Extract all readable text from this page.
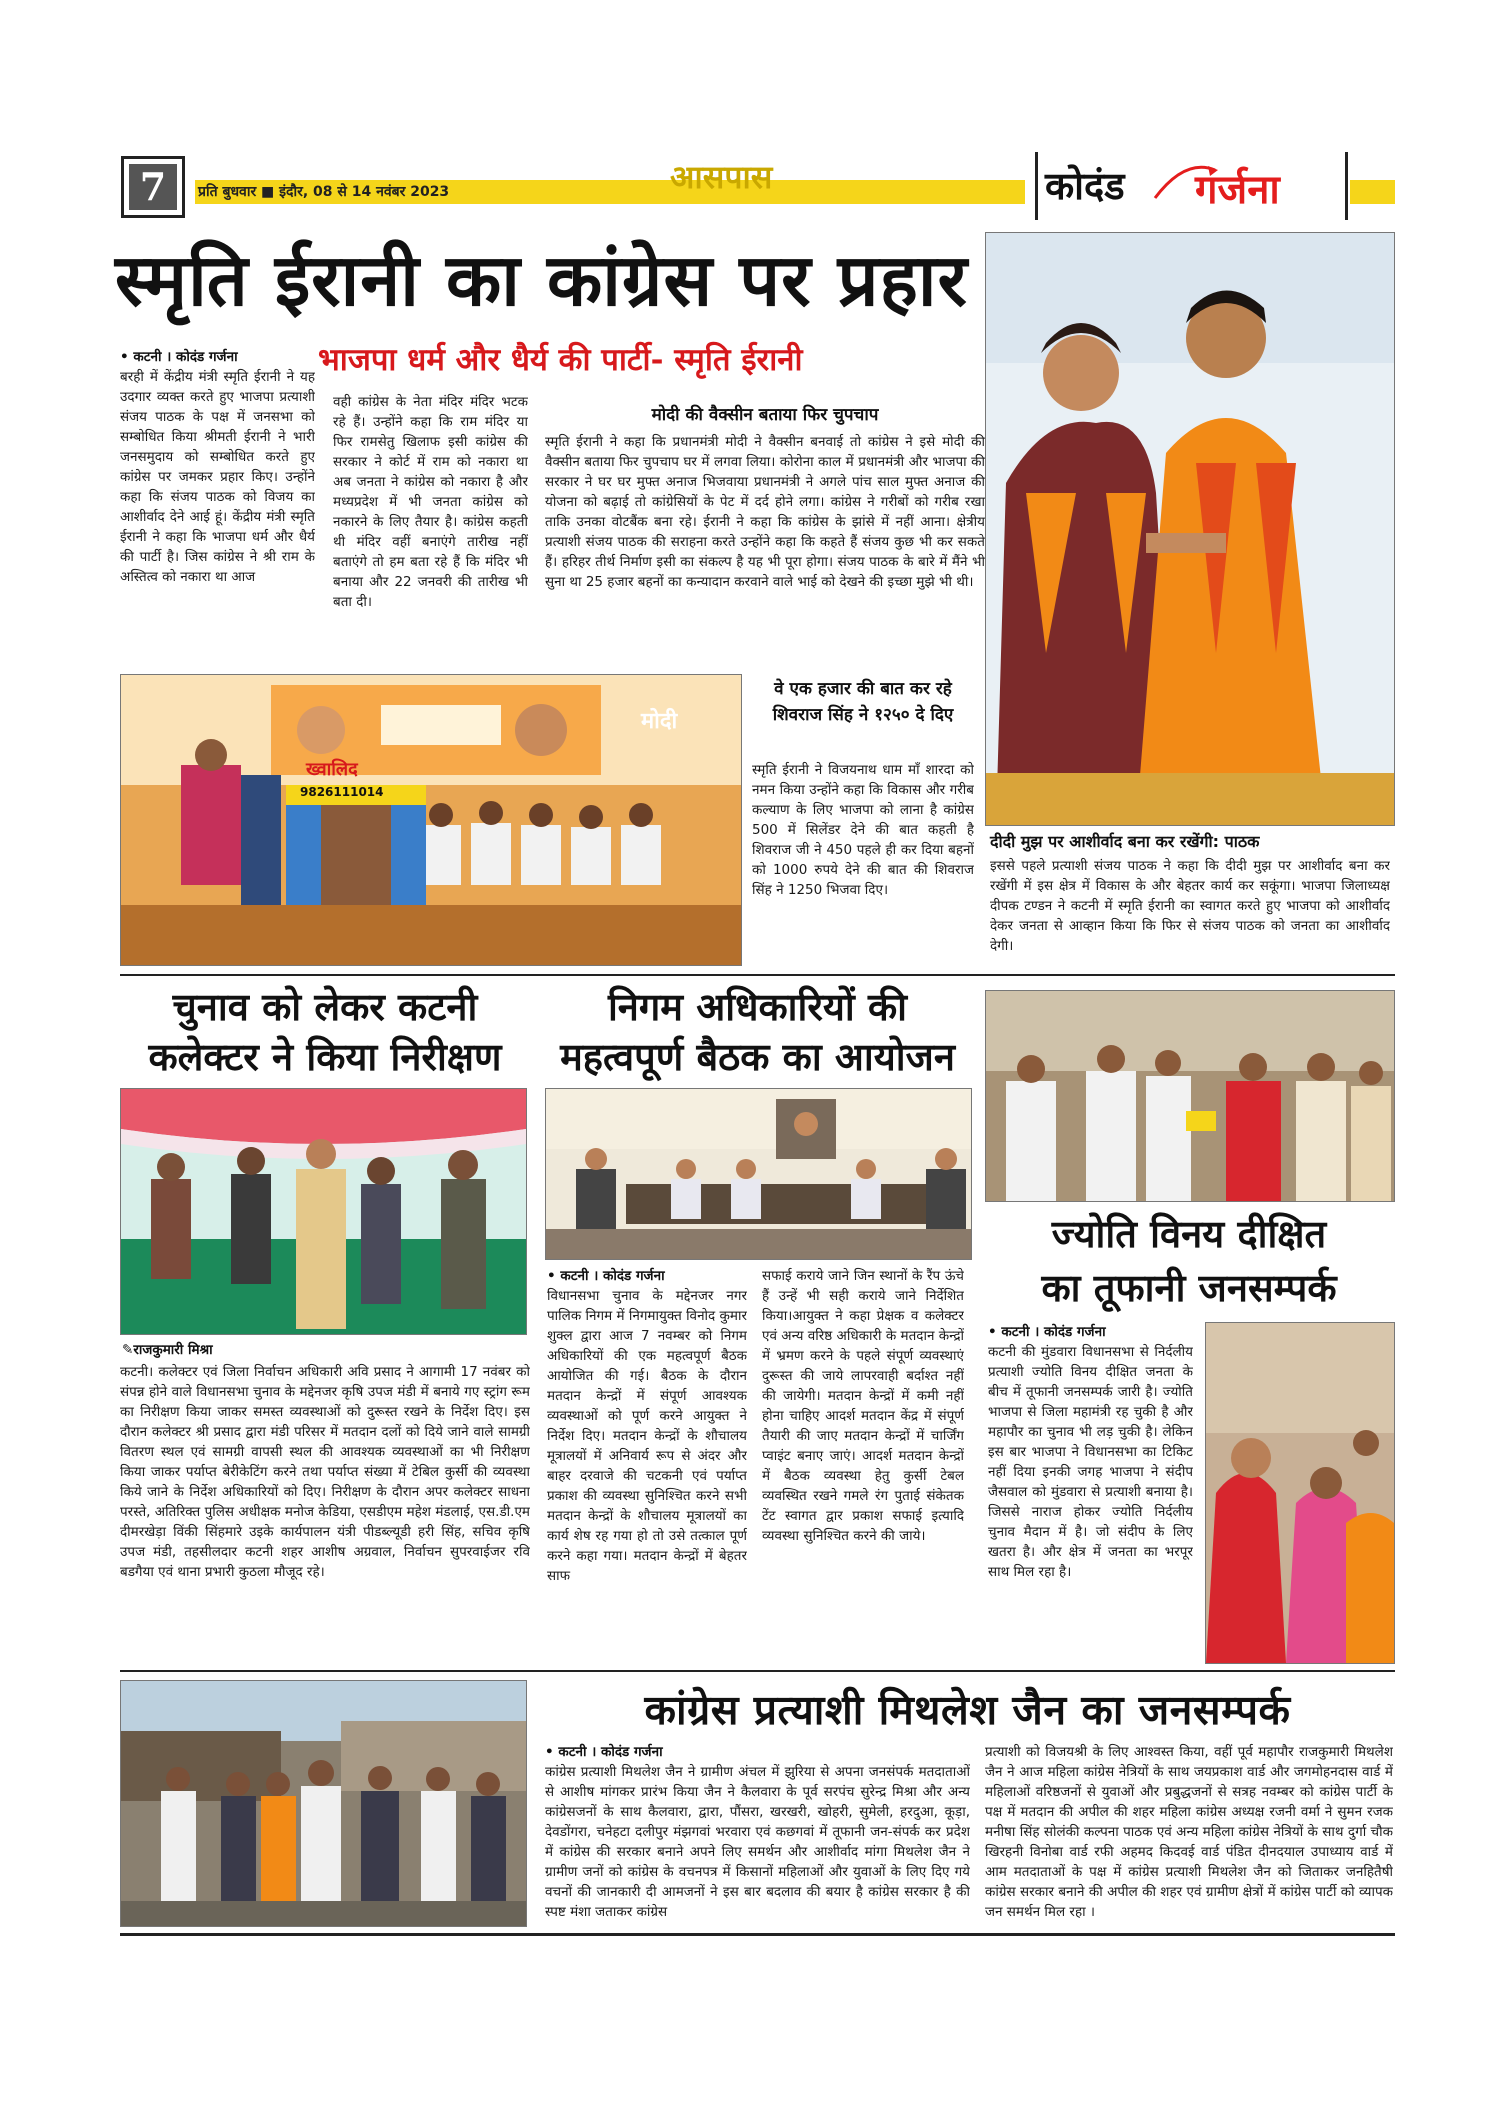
7	प्रति बुधवार ■ इंदौर, 08 से 14 नवंबर 2023	आसपास	कोदंड गर्जना
स्मृति ईरानी का कांग्रेस पर प्रहार
भाजपा धर्म और धैर्य की पार्टी- स्मृति ईरानी
• कटनी । कोदंड गर्जना
बरही में केंद्रीय मंत्री स्मृति ईरानी ने यह उदगार व्यक्त करते हुए भाजपा प्रत्याशी संजय पाठक के पक्ष में जनसभा को सम्बोधित किया श्रीमती ईरानी ने भारी जनसमुदाय को सम्बोधित करते हुए कांग्रेस पर जमकर प्रहार किए। उन्होंने कहा कि संजय पाठक को विजय का आशीर्वाद देने आई हूं। केंद्रीय मंत्री स्मृति ईरानी ने कहा कि भाजपा धर्म और धैर्य की पार्टी है। जिस कांग्रेस ने श्री राम के अस्तित्व को नकारा था आज
वही कांग्रेस के नेता मंदिर मंदिर भटक रहे हैं। उन्होंने कहा कि राम मंदिर या फिर रामसेतु खिलाफ इसी कांग्रेस की सरकार ने कोर्ट में राम को नकारा था अब जनता ने कांग्रेस को नकारा है और मध्यप्रदेश में भी जनता कांग्रेस को नकारने के लिए तैयार है। कांग्रेस कहती थी मंदिर वहीं बनाएंगे तारीख नहीं बताएंगे तो हम बता रहे हैं कि मंदिर भी बनाया और 22 जनवरी की तारीख भी बता दी।
मोदी की वैक्सीन बताया फिर चुपचाप
स्मृति ईरानी ने कहा कि प्रधानमंत्री मोदी ने वैक्सीन बनवाई तो कांग्रेस ने इसे मोदी की वैक्सीन बताया फिर चुपचाप घर में लगवा लिया। कोरोना काल में प्रधानमंत्री और भाजपा की सरकार ने घर घर मुफ्त अनाज भिजवाया प्रधानमंत्री ने अगले पांच साल मुफ्त अनाज की योजना को बढ़ाई तो कांग्रेसियों के पेट में दर्द होने लगा। कांग्रेस ने गरीबों को गरीब रखा ताकि उनका वोटबैंक बना रहे। ईरानी ने कहा कि कांग्रेस के झांसे में नहीं आना। क्षेत्रीय प्रत्याशी संजय पाठक की सराहना करते उन्होंने कहा कि कहते हैं संजय कुछ भी कर सकते हैं। हरिहर तीर्थ निर्माण इसी का संकल्प है यह भी पूरा होगा। संजय पाठक के बारे में मैंने भी सुना था 25 हजार बहनों का कन्यादान करवाने वाले भाई को देखने की इच्छा मुझे भी थी।
ख्वालिद
9826111014
मोदी
वे एक हजार की बात कर रहे शिवराज सिंह ने १२५० दे दिए
स्मृति ईरानी ने विजयनाथ धाम माँ शारदा को नमन किया उन्होंने कहा कि विकास और गरीब कल्याण के लिए भाजपा को लाना है कांग्रेस 500 में सिलेंडर देने की बात कहती है शिवराज जी ने 450 पहले ही कर दिया बहनों को 1000 रुपये देने की बात की शिवराज सिंह ने 1250 भिजवा दिए।
दीदी मुझ पर आशीर्वाद बना कर रखेंगी: पाठक
इससे पहले प्रत्याशी संजय पाठक ने कहा कि दीदी मुझ पर आशीर्वाद बना कर रखेंगी में इस क्षेत्र में विकास के और बेहतर कार्य कर सकूंगा। भाजपा जिलाध्यक्ष दीपक टण्डन ने कटनी में स्मृति ईरानी का स्वागत करते हुए भाजपा को आशीर्वाद देकर जनता से आव्हान किया कि फिर से संजय पाठक को जनता का आशीर्वाद देगी।
चुनाव को लेकर कटनी
कलेक्टर ने किया निरीक्षण
✎राजकुमारी मिश्रा
कटनी। कलेक्टर एवं जिला निर्वाचन अधिकारी अवि प्रसाद ने आगामी 17 नवंबर को संपन्न होने वाले विधानसभा चुनाव के मद्देनजर कृषि उपज मंडी में बनाये गए स्ट्रांग रूम का निरीक्षण किया जाकर समस्त व्यवस्थाओं को दुरूस्त रखने के निर्देश दिए। इस दौरान कलेक्टर श्री प्रसाद द्वारा मंडी परिसर में मतदान दलों को दिये जाने वाले सामग्री वितरण स्थल एवं सामग्री वापसी स्थल की आवश्यक व्यवस्थाओं का भी निरीक्षण किया जाकर पर्याप्त बेरीकेटिंग करने तथा पर्याप्त संख्या में टेबिल कुर्सी की व्यवस्था किये जाने के निर्देश अधिकारियों को दिए। निरीक्षण के दौरान अपर कलेक्टर साधना परस्ते, अतिरिक्त पुलिस अधीक्षक मनोज केडिया, एसडीएम महेश मंडलाई, एस.डी.एम दीमरखेड़ा विंकी सिंहमारे उइके कार्यपालन यंत्री पीडब्ल्यूडी हरी सिंह, सचिव कृषि उपज मंडी, तहसीलदार कटनी शहर आशीष अग्रवाल, निर्वाचन सुपरवाईजर रवि बडगैया एवं थाना प्रभारी कुठला मौजूद रहे।
निगम अधिकारियों की
महत्वपूर्ण बैठक का आयोजन
• कटनी । कोदंड गर्जना
विधानसभा चुनाव के मद्देनजर नगर पालिक निगम में निगमायुक्त विनोद कुमार शुक्ल द्वारा आज 7 नवम्बर को निगम अधिकारियों की एक महत्वपूर्ण बैठक आयोजित की गई। बैठक के दौरान मतदान केन्द्रों में संपूर्ण आवश्यक व्यवस्थाओं को पूर्ण करने आयुक्त ने निर्देश दिए। मतदान केन्द्रों के शौचालय मूत्रालयों में अनिवार्य रूप से अंदर और बाहर दरवाजे की चटकनी एवं पर्याप्त प्रकाश की व्यवस्था सुनिश्चित करने सभी मतदान केन्द्रों के शौचालय मूत्रालयों का कार्य शेष रह गया हो तो उसे तत्काल पूर्ण करने कहा गया। मतदान केन्द्रों में बेहतर साफ
सफाई कराये जाने जिन स्थानों के रैंप ऊंचे हैं उन्हें भी सही कराये जाने निर्देशित किया।आयुक्त ने कहा प्रेक्षक व कलेक्टर एवं अन्य वरिष्ठ अधिकारी के मतदान केन्द्रों में भ्रमण करने के पहले संपूर्ण व्यवस्थाएं दुरूस्त की जाये लापरवाही बर्दाश्त नहीं की जायेगी। मतदान केन्द्रों में कमी नहीं होना चाहिए आदर्श मतदान केंद्र में संपूर्ण तैयारी की जाए मतदान केन्द्रों में चार्जिंग प्वाइंट बनाए जाएं। आदर्श मतदान केन्द्रों में बैठक व्यवस्था हेतु कुर्सी टेबल व्यवस्थित रखने गमले रंग पुताई संकेतक टेंट स्वागत द्वार प्रकाश सफाई इत्यादि व्यवस्था सुनिश्चित करने की जाये।
ज्योति विनय दीक्षित
का तूफानी जनसम्पर्क
• कटनी । कोदंड गर्जना
कटनी की मुंडवारा विधानसभा से निर्दलीय प्रत्याशी ज्योति विनय दीक्षित जनता के बीच में तूफानी जनसम्पर्क जारी है। ज्योति भाजपा से जिला महामंत्री रह चुकी है और महापौर का चुनाव भी लड़ चुकी है। लेकिन इस बार भाजपा ने विधानसभा का टिकिट नहीं दिया इनकी जगह भाजपा ने संदीप जैसवाल को मुंडवारा से प्रत्याशी बनाया है। जिससे नाराज होकर ज्योति निर्दलीय चुनाव मैदान में है। जो संदीप के लिए खतरा है। और क्षेत्र में जनता का भरपूर साथ मिल रहा है।
कांग्रेस प्रत्याशी मिथलेश जैन का जनसम्पर्क
• कटनी । कोदंड गर्जना
कांग्रेस प्रत्याशी मिथलेश जैन ने ग्रामीण अंचल में झुरिया से अपना जनसंपर्क मतदाताओं से आशीष मांगकर प्रारंभ किया जैन ने कैलवारा के पूर्व सरपंच सुरेन्द्र मिश्रा और अन्य कांग्रेसजनों के साथ कैलवारा, द्वारा, पौंसरा, खरखरी, खोहरी, सुमेली, हरदुआ, कूड़ा, देवडोंगरा, चनेहटा दलीपुर मंझगवां भरवारा एवं कछगवां में तूफानी जन-संपर्क कर प्रदेश में कांग्रेस की सरकार बनाने अपने लिए समर्थन और आशीर्वाद मांगा मिथलेश जैन ने ग्रामीण जनों को कांग्रेस के वचनपत्र में किसानों महिलाओं और युवाओं के लिए दिए गये वचनों की जानकारी दी आमजनों ने इस बार बदलाव की बयार है कांग्रेस सरकार है की स्पष्ट मंशा जताकर कांग्रेस
प्रत्याशी को विजयश्री के लिए आश्वस्त किया, वहीं पूर्व महापौर राजकुमारी मिथलेश जैन ने आज महिला कांग्रेस नेत्रियों के साथ जयप्रकाश वार्ड और जगमोहनदास वार्ड में महिलाओं वरिष्ठजनों से युवाओं और प्रबुद्धजनों से सत्रह नवम्बर को कांग्रेस पार्टी के पक्ष में मतदान की अपील की शहर महिला कांग्रेस अध्यक्ष रजनी वर्मा ने सुमन रजक मनीषा सिंह सोलंकी कल्पना पाठक एवं अन्य महिला कांग्रेस नेत्रियों के साथ दुर्गा चौक खिरहनी विनोबा वार्ड रफी अहमद किदवई वार्ड पंडित दीनदयाल उपाध्याय वार्ड में आम मतदाताओं के पक्ष में कांग्रेस प्रत्याशी मिथलेश जैन को जिताकर जनहितैषी कांग्रेस सरकार बनाने की अपील की शहर एवं ग्रामीण क्षेत्रों में कांग्रेस पार्टी को व्यापक जन समर्थन मिल रहा ।
